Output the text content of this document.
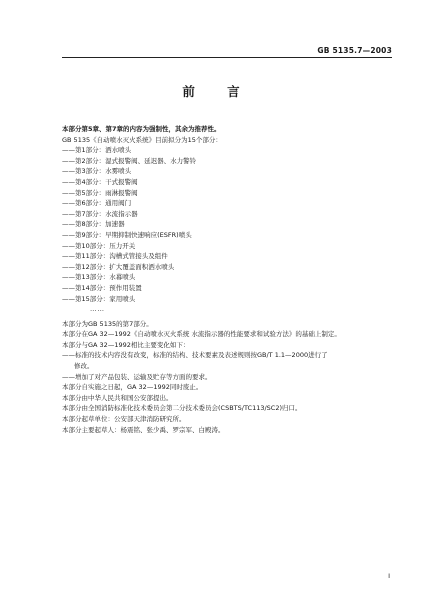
GB 5135.7—2003
前 言
本部分第5章、第7章的内容为强制性，其余为推荐性。
GB 5135《自动喷水灭火系统》目前拟分为15个部分：
——第1部分：洒水喷头
——第2部分：湿式报警阀、延迟器、水力警铃
——第3部分：水雾喷头
——第4部分：干式报警阀
——第5部分：雨淋报警阀
——第6部分：通用阀门
——第7部分：水流指示器
——第8部分：加速器
——第9部分：早期抑制快速响应(ESFR)喷头
——第10部分：压力开关
——第11部分：沟槽式管接头及组件
——第12部分：扩大覆盖面积洒水喷头
——第13部分：水幕喷头
——第14部分：预作用装置
——第15部分：家用喷头
……
本部分为GB 5135的第7部分。
本部分在GA 32—1992《自动喷水灭火系统 水流指示器的性能要求和试验方法》的基础上制定。
本部分与GA 32—1992相比主要变化如下：
——标准的技术内容没有改变，标准的结构、技术要素及表述规则按GB/T 1.1—2000进行了
修改。
——增加了对产品包装、运输及贮存等方面的要求。
本部分自实施之日起，GA 32—1992同时废止。
本部分由中华人民共和国公安部提出。
本部分由全国消防标准化技术委员会第二分技术委员会(CSBTS/TC113/SC2)归口。
本部分起草单位：公安部天津消防研究所。
本部分主要起草人：杨震铭、张少禹、罗宗军、白殿涛。
I
